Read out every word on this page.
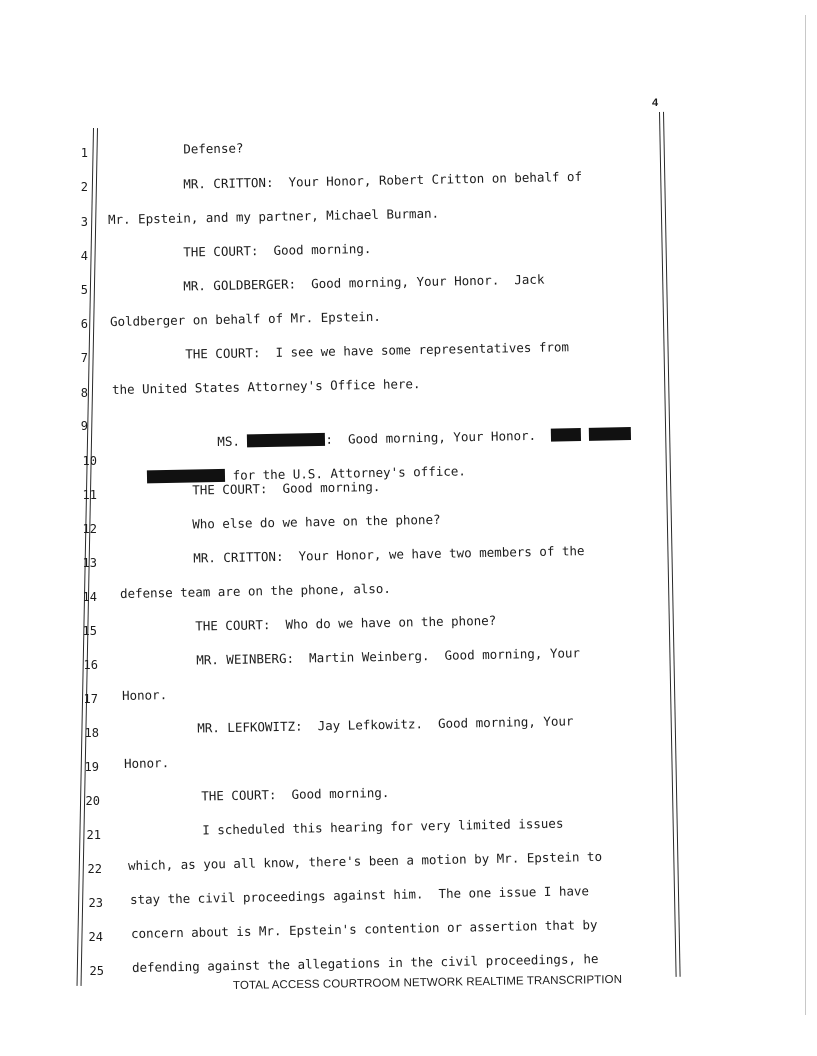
4
1
2
3
4
5
6
7
8
9
10
11
12
13
14
15
16
17
18
19
20
21
22
23
24
25
Defense?
MR. CRITTON:  Your Honor, Robert Critton on behalf of
Mr. Epstein, and my partner, Michael Burman.
THE COURT:  Good morning.
MR. GOLDBERGER:  Good morning, Your Honor.  Jack
Goldberger on behalf of Mr. Epstein.
THE COURT:  I see we have some representatives from
the United States Attorney's Office here.

MS.	:  Good morning, Your Honor.

for the U.S. Attorney's office.

THE COURT:  Good morning.
Who else do we have on the phone?
MR. CRITTON:  Your Honor, we have two members of the
defense team are on the phone, also.
THE COURT:  Who do we have on the phone?
MR. WEINBERG:  Martin Weinberg.  Good morning, Your
Honor.
MR. LEFKOWITZ:  Jay Lefkowitz.  Good morning, Your
Honor.
THE COURT:  Good morning.
I scheduled this hearing for very limited issues
which, as you all know, there's been a motion by Mr. Epstein to
stay the civil proceedings against him.  The one issue I have
concern about is Mr. Epstein's contention or assertion that by
defending against the allegations in the civil proceedings, he
TOTAL ACCESS COURTROOM NETWORK REALTIME TRANSCRIPTION
